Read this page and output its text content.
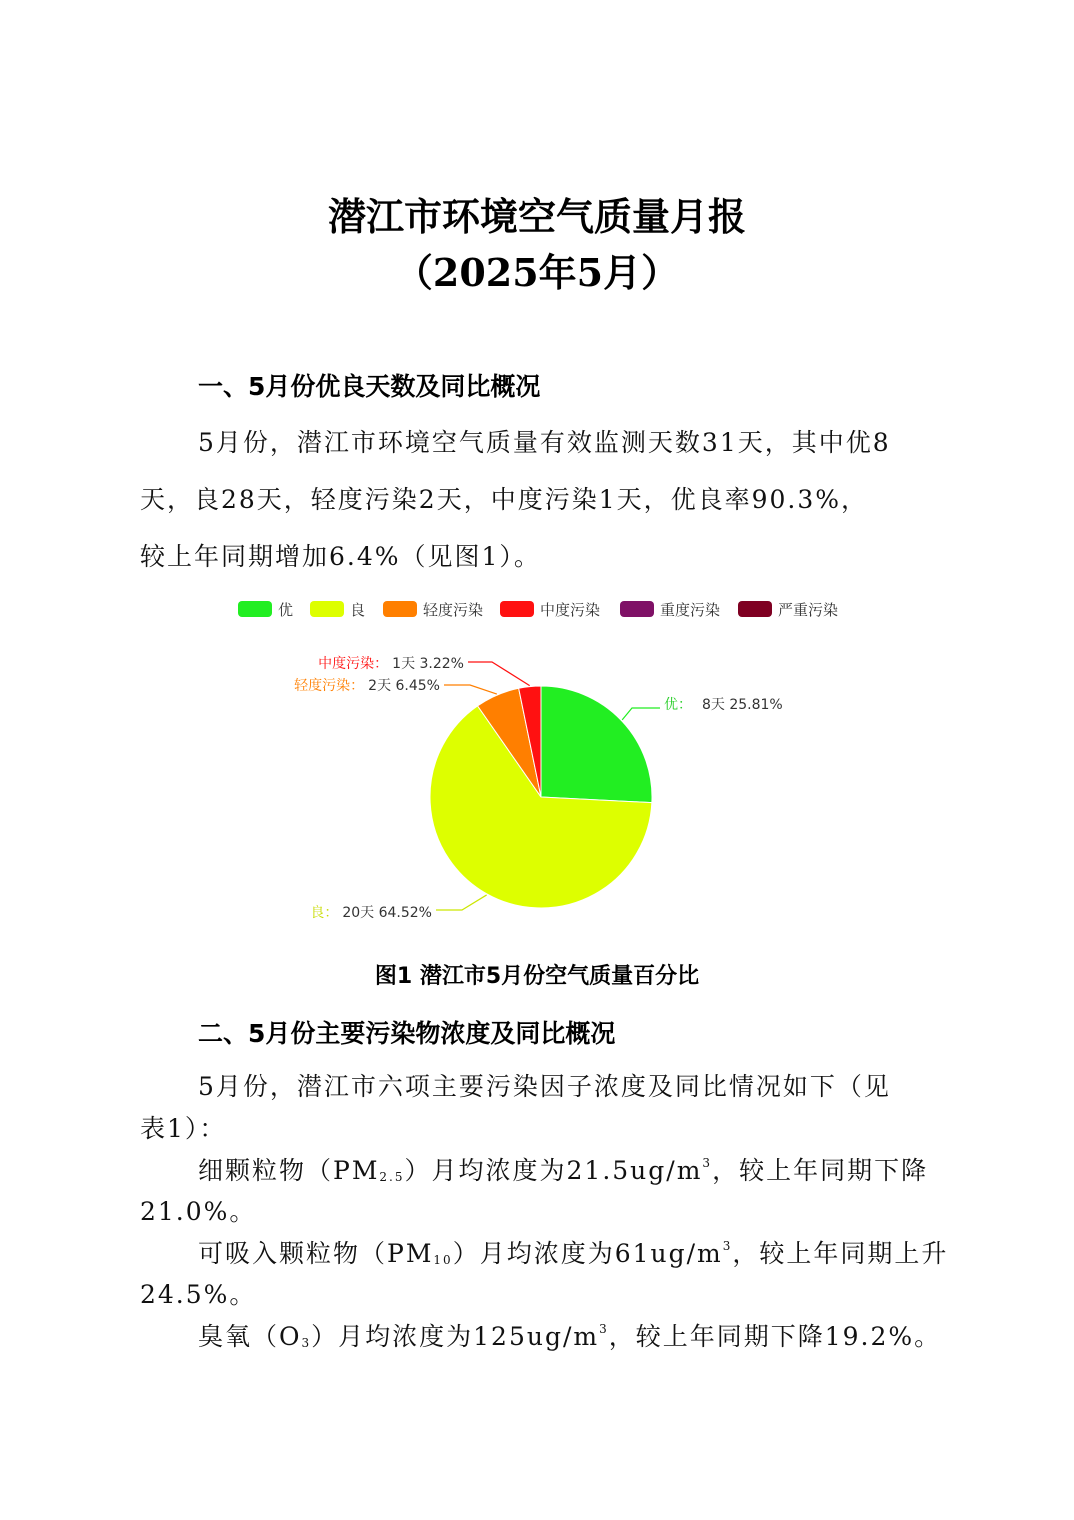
潜江市环境空气质量月报
（2025年5月）
一、5月份优良天数及同比概况
5月份，潜江市环境空气质量有效监测天数31天，其中优8
天，良28天，轻度污染2天，中度污染1天，优良率90.3%，
较上年同期增加6.4%（见图1）。
优	良	轻度污染	中度污染	重度污染	严重污染
优： 8天 25.81%
20天 64.52%
良：
2天 6.45%
轻度污染：
1天 3.22%
中度污染：
图1 潜江市5月份空气质量百分比
二、5月份主要污染物浓度及同比概况
5月份，潜江市六项主要污染因子浓度及同比情况如下（见
表1）：
细颗粒物$(PM_{2.5})$月均浓度为$21.5ug/m^3$，较上年同期下降
21.0%。
可吸入颗粒物$(PM_{10})$月均浓度为$61ug/m^3$，较上年同期上升
24.5%。
臭氧$(O_3)$月均浓度为$125ug/m^3$，较上年同期下降19.2%。
